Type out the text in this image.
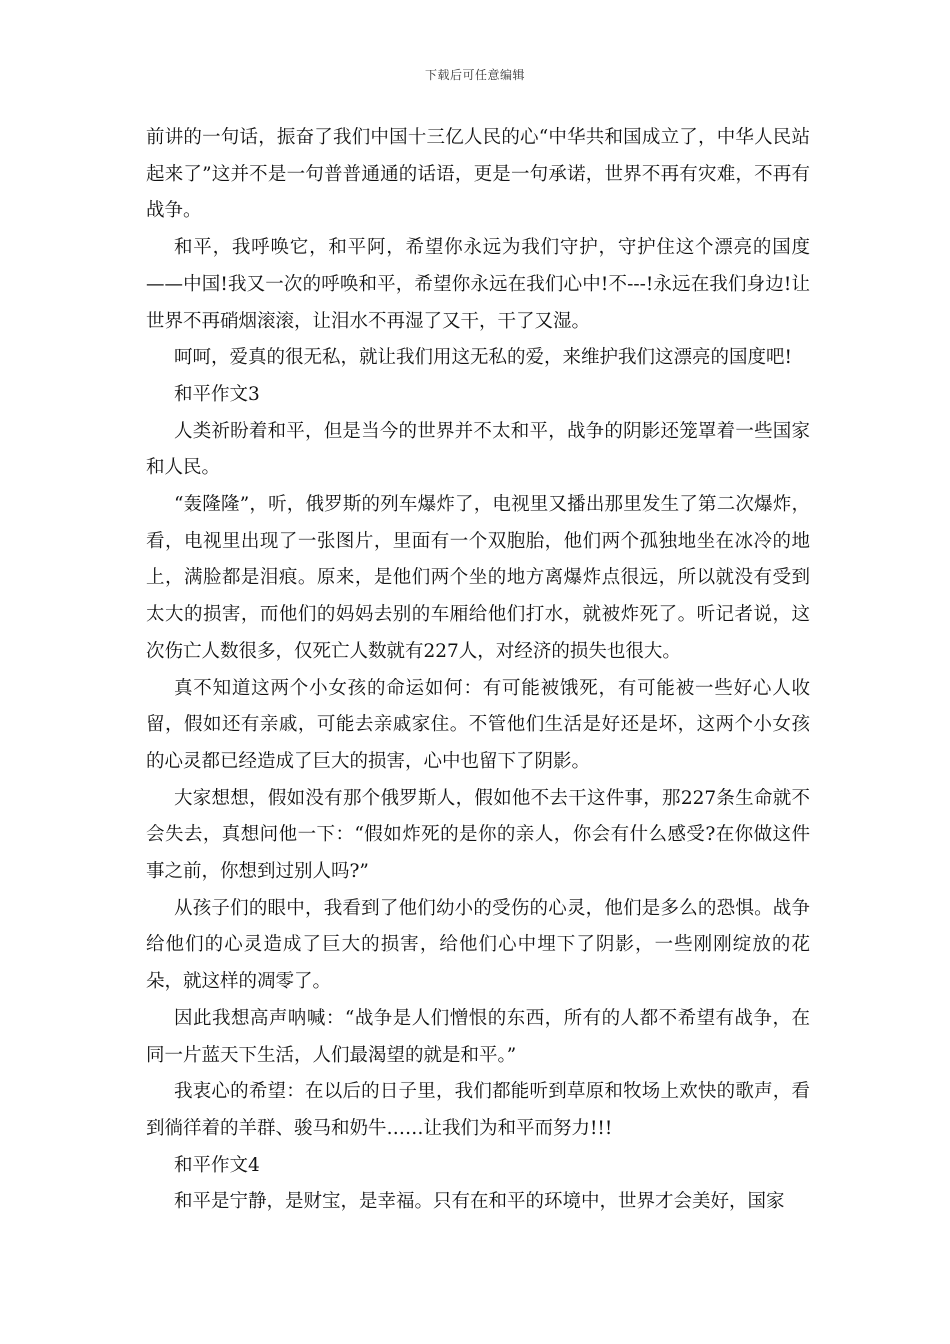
下载后可任意编辑

前讲的一句话，振奋了我们中国十三亿人民的心“中华共和国成立了，中华人民站起来了”这并不是一句普普通通的话语，更是一句承诺，世界不再有灾难，不再有战争。

和平，我呼唤它，和平阿，希望你永远为我们守护，守护住这个漂亮的国度——中国!我又一次的呼唤和平，希望你永远在我们心中!不---!永远在我们身边!让世界不再硝烟滚滚，让泪水不再湿了又干，干了又湿。

呵呵，爱真的很无私，就让我们用这无私的爱，来维护我们这漂亮的国度吧!

和平作文3

人类祈盼着和平，但是当今的世界并不太和平，战争的阴影还笼罩着一些国家和人民。

“轰隆隆”，听，俄罗斯的列车爆炸了，电视里又播出那里发生了第二次爆炸，看，电视里出现了一张图片，里面有一个双胞胎，他们两个孤独地坐在冰冷的地上，满脸都是泪痕。原来，是他们两个坐的地方离爆炸点很远，所以就没有受到太大的损害，而他们的妈妈去别的车厢给他们打水，就被炸死了。听记者说，这次伤亡人数很多，仅死亡人数就有227人，对经济的损失也很大。

真不知道这两个小女孩的命运如何：有可能被饿死，有可能被一些好心人收留，假如还有亲戚，可能去亲戚家住。不管他们生活是好还是坏，这两个小女孩的心灵都已经造成了巨大的损害，心中也留下了阴影。

大家想想，假如没有那个俄罗斯人，假如他不去干这件事，那227条生命就不会失去，真想问他一下：“假如炸死的是你的亲人，你会有什么感受?在你做这件事之前，你想到过别人吗?”

从孩子们的眼中，我看到了他们幼小的受伤的心灵，他们是多么的恐惧。战争给他们的心灵造成了巨大的损害，给他们心中埋下了阴影，一些刚刚绽放的花朵，就这样的凋零了。

因此我想高声呐喊：“战争是人们憎恨的东西，所有的人都不希望有战争，在同一片蓝天下生活，人们最渴望的就是和平。”

我衷心的希望：在以后的日子里，我们都能听到草原和牧场上欢快的歌声，看到徜徉着的羊群、骏马和奶牛……让我们为和平而努力!!!

和平作文4

和平是宁静，是财宝，是幸福。只有在和平的环境中，世界才会美好，国家
